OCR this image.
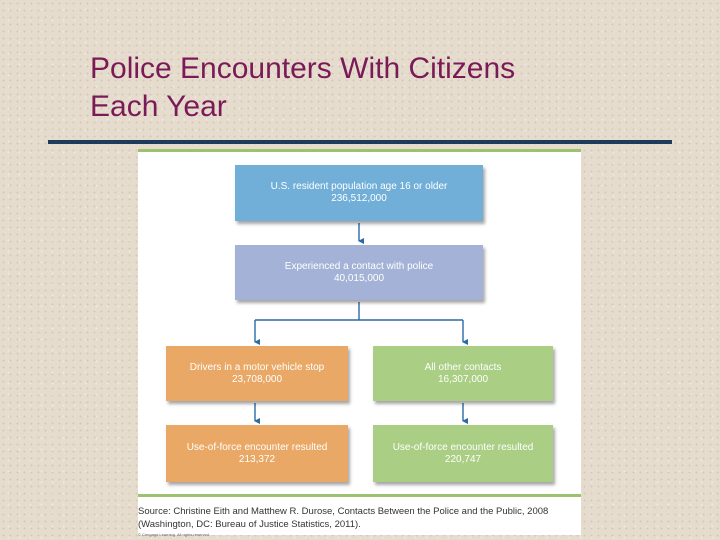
Police Encounters With Citizens
Each Year
U.S. resident population age 16 or older
236,512,000
Experienced a contact with police
40,015,000
Drivers in a motor vehicle stop
23,708,000
All other contacts
16,307,000
Use-of-force encounter resulted
213,372
Use-of-force encounter resulted
220,747
Source: Christine Eith and Matthew R. Durose, Contacts Between the Police and the Public, 2008
(Washington, DC: Bureau of Justice Statistics, 2011).
© Cengage Learning. All rights reserved.
